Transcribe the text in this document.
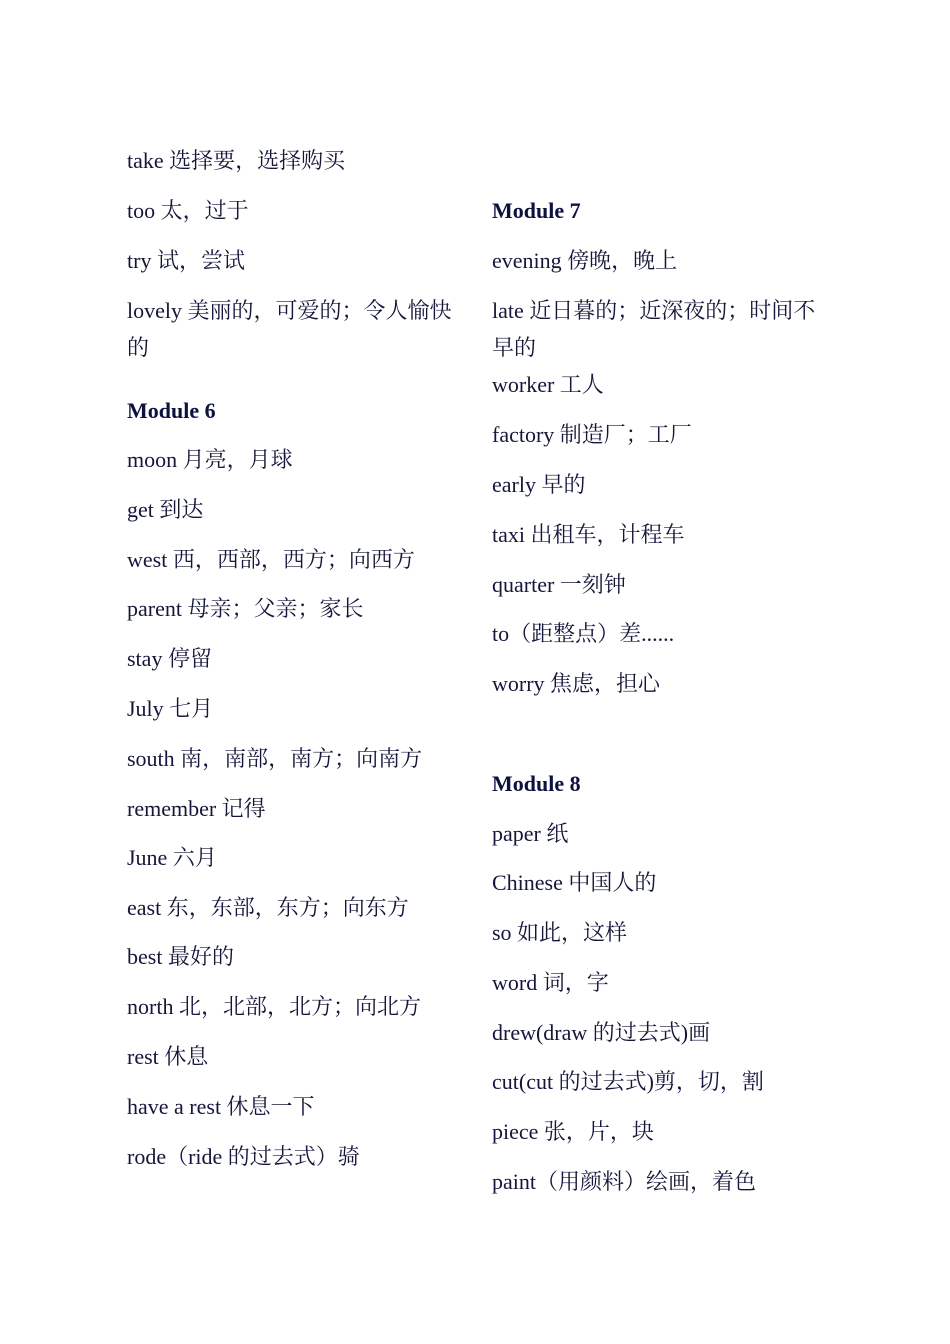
take 选择要，选择购买
too 太，过于
try 试，尝试
lovely 美丽的，可爱的；令人愉快的
Module 6
moon 月亮，月球
get 到达
west 西，西部，西方；向西方
parent 母亲；父亲；家长
stay 停留
July 七月
south 南，南部，南方；向南方
remember 记得
June 六月
east 东，东部，东方；向东方
best 最好的
north 北，北部，北方；向北方
rest 休息
have a rest 休息一下
rode（ride 的过去式）骑
Module 7
evening 傍晚，晚上
late 近日暮的；近深夜的；时间不早的
worker 工人
factory 制造厂；工厂
early 早的
taxi 出租车，计程车
quarter 一刻钟
to（距整点）差......
worry 焦虑，担心
Module 8
paper 纸
Chinese 中国人的
so 如此，这样
word 词，字
drew(draw 的过去式)画
cut(cut 的过去式)剪，切，割
piece 张，片，块
paint（用颜料）绘画，着色
